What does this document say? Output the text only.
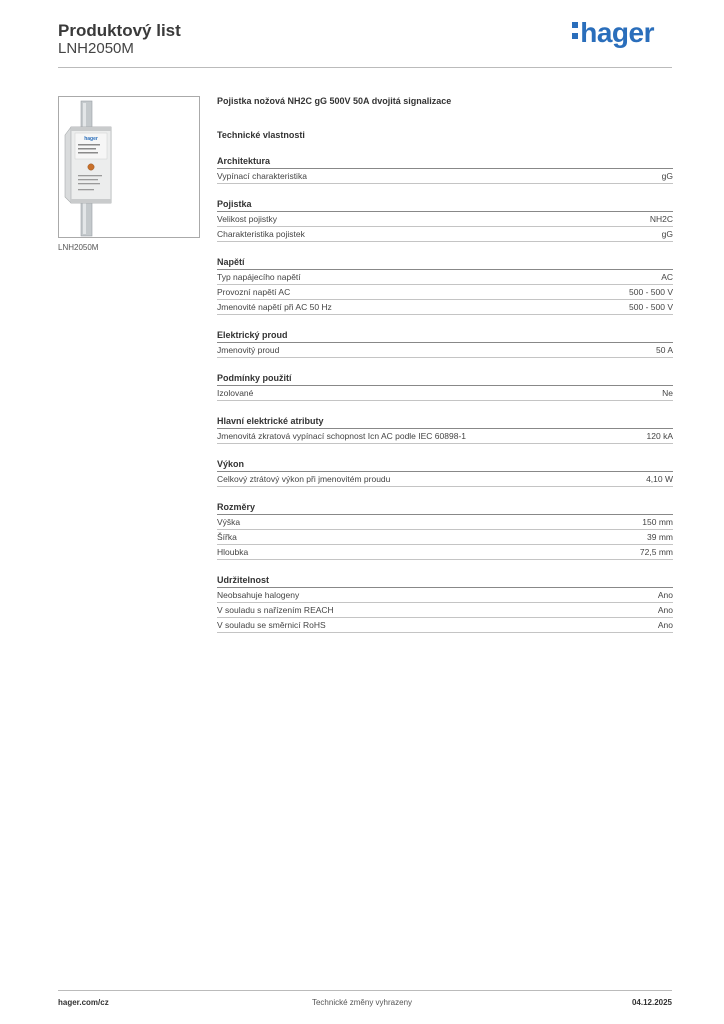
Produktový list
LNH2050M
hager
hager
LNH2050M
Pojistka nožová NH2C gG 500V 50A dvojitá signalizace
Technické vlastnosti
Architektura
Vypínací charakteristika	gG
Pojistka
Velikost pojistky	NH2C
Charakteristika pojistek	gG
Napětí
Typ napájecího napětí	AC
Provozní napětí AC	500 - 500 V
Jmenovité napětí při AC 50 Hz	500 - 500 V
Elektrický proud
Jmenovitý proud	50 A
Podmínky použití
Izolované	Ne
Hlavní elektrické atributy
Jmenovitá zkratová vypínací schopnost Icn AC podle IEC 60898-1	120 kA
Výkon
Celkový ztrátový výkon při jmenovitém proudu	4,10 W
Rozměry
Výška	150 mm
Šířka	39 mm
Hloubka	72,5 mm
Udržitelnost
Neobsahuje halogeny	Ano
V souladu s nařízením REACH	Ano
V souladu se směrnicí RoHS	Ano
hager.com/cz	Technické změny vyhrazeny	04.12.2025
